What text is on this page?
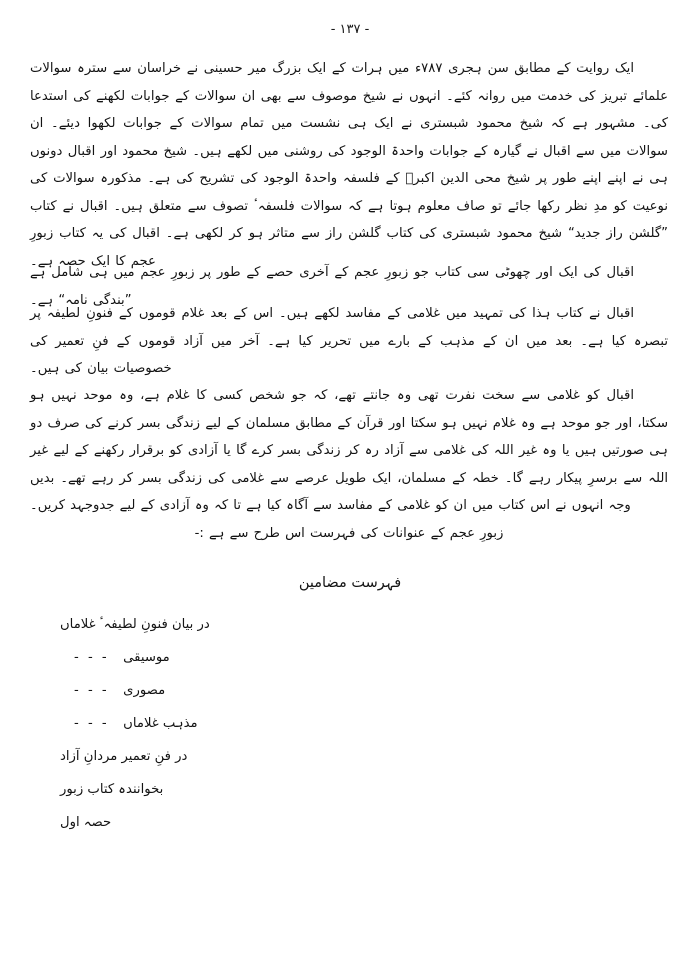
- ۱۳۷ -

ایک روایت کے مطابق سن ہجری ۷۸۷ء میں ہرات کے ایک بزرگ میر حسینی نے خراسان سے سترہ سوالات علمائے تبریز کی خدمت میں روانہ کئے۔ انہوں نے شیخ موصوف سے بھی ان سوالات کے جوابات لکھنے کی استدعا کی۔ مشہور ہے کہ شیخ محمود شبستری نے ایک ہی نشست میں تمام سوالات کے جوابات لکھوا دیئے۔ ان سوالات میں سے اقبال نے گیارہ کے جوابات واحدۃ الوجود کی روشنی میں لکھے ہیں۔ شیخ محمود اور اقبال دونوں ہی نے اپنے اپنے طور پر شیخ محی الدین اکبرؒ کے فلسفہ واحدۃ الوجود کی تشریح کی ہے۔ مذکورہ سوالات کی نوعیت کو مدِ نظر رکھا جائے تو صاف معلوم ہوتا ہے کہ سوالات فلسفہٴ تصوف سے متعلق ہیں۔ اقبال نے کتاب ”گلشن راز جدید“ شیخ محمود شبستری کی کتاب گلشن راز سے متاثر ہو کر لکھی ہے۔ اقبال کی یہ کتاب زبورِ عجم کا ایک حصہ ہے۔

اقبال کی ایک اور چھوٹی سی کتاب جو زبورِ عجم کے آخری حصے کے طور پر زبورِ عجم میں ہی شامل ہے ”بندگی نامہ“ ہے۔

اقبال نے کتاب ہذا کی تمہید میں غلامی کے مفاسد لکھے ہیں۔ اس کے بعد غلام قوموں کے فنونِ لطیفہ پر تبصرہ کیا ہے۔ بعد میں ان کے مذہب کے بارے میں تحریر کیا ہے۔ آخر میں آزاد قوموں کے فنِ تعمیر کی خصوصیات بیان کی ہیں۔

اقبال کو غلامی سے سخت نفرت تھی وہ جانتے تھے، کہ جو شخص کسی کا غلام ہے، وہ موحد نہیں ہو سکتا، اور جو موحد ہے وہ غلام نہیں ہو سکتا اور قرآن کے مطابق مسلمان کے لیے زندگی بسر کرنے کی صرف دو ہی صورتیں ہیں یا وہ غیر اللہ کی غلامی سے آزاد رہ کر زندگی بسر کرے گا یا آزادی کو برقرار رکھنے کے لیے غیر اللہ سے برسرِ پیکار رہے گا۔ خطہ کے مسلمان، ایک طویل عرصے سے غلامی کی زندگی بسر کر رہے تھے۔ بدیں وجہ انہوں نے اس کتاب میں ان کو غلامی کے مفاسد سے آگاہ کیا ہے تا کہ وہ آزادی کے لیے جدوجہد کریں۔

زبورِ عجم کے عنوانات کی فہرست اس طرح سے ہے :-

فہرست مضامین
در بیان فنونِ لطیفہٴ غلاماں
موسیقی- - -
مصوری- - -
مذہب غلاماں- - -
در فنِ تعمیر مردانِ آزاد
بخوانندہ کتاب زبور
حصہ اول
